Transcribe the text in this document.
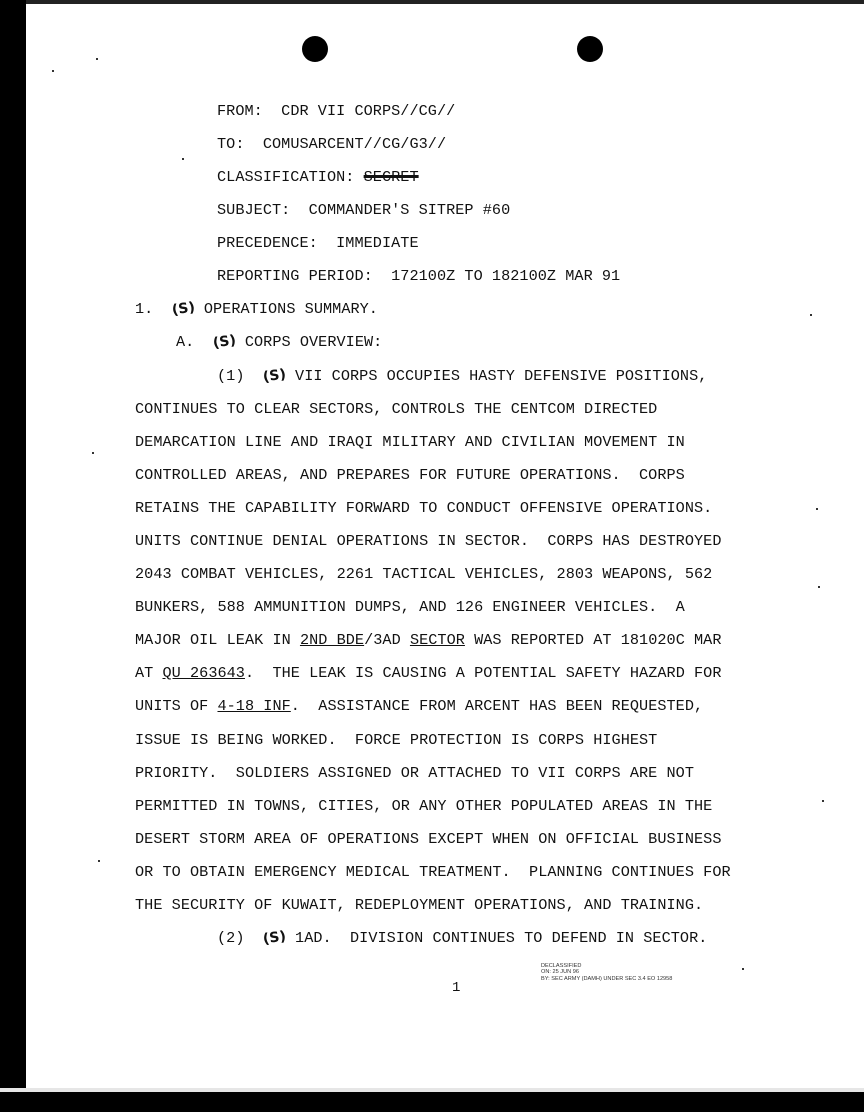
FROM: CDR VII CORPS//CG//
TO: COMUSARCENT//CG/G3//
CLASSIFICATION: SECRET
SUBJECT: COMMANDER'S SITREP #60
PRECEDENCE: IMMEDIATE
REPORTING PERIOD: 172100Z TO 182100Z MAR 91
1. (S) OPERATIONS SUMMARY.
A. (S) CORPS OVERVIEW:
(1) (S) VII CORPS OCCUPIES HASTY DEFENSIVE POSITIONS,
CONTINUES TO CLEAR SECTORS, CONTROLS THE CENTCOM DIRECTED
DEMARCATION LINE AND IRAQI MILITARY AND CIVILIAN MOVEMENT IN
CONTROLLED AREAS, AND PREPARES FOR FUTURE OPERATIONS.  CORPS
RETAINS THE CAPABILITY FORWARD TO CONDUCT OFFENSIVE OPERATIONS.
UNITS CONTINUE DENIAL OPERATIONS IN SECTOR.  CORPS HAS DESTROYED
2043 COMBAT VEHICLES, 2261 TACTICAL VEHICLES, 2803 WEAPONS, 562
BUNKERS, 588 AMMUNITION DUMPS, AND 126 ENGINEER VEHICLES.  A
MAJOR OIL LEAK IN 2ND BDE/3AD SECTOR WAS REPORTED AT 181020C MAR
AT QU 263643.  THE LEAK IS CAUSING A POTENTIAL SAFETY HAZARD FOR
UNITS OF 4-18 INF.  ASSISTANCE FROM ARCENT HAS BEEN REQUESTED,
ISSUE IS BEING WORKED.  FORCE PROTECTION IS CORPS HIGHEST
PRIORITY.  SOLDIERS ASSIGNED OR ATTACHED TO VII CORPS ARE NOT
PERMITTED IN TOWNS, CITIES, OR ANY OTHER POPULATED AREAS IN THE
DESERT STORM AREA OF OPERATIONS EXCEPT WHEN ON OFFICIAL BUSINESS
OR TO OBTAIN EMERGENCY MEDICAL TREATMENT.  PLANNING CONTINUES FOR
THE SECURITY OF KUWAIT, REDEPLOYMENT OPERATIONS, AND TRAINING.
(2) (S) 1AD.  DIVISION CONTINUES TO DEFEND IN SECTOR.
1
DECLASSIFIED
ON: 25 JUN 96
BY: SEC ARMY (DAMH) UNDER SEC 3.4 EO 12958
